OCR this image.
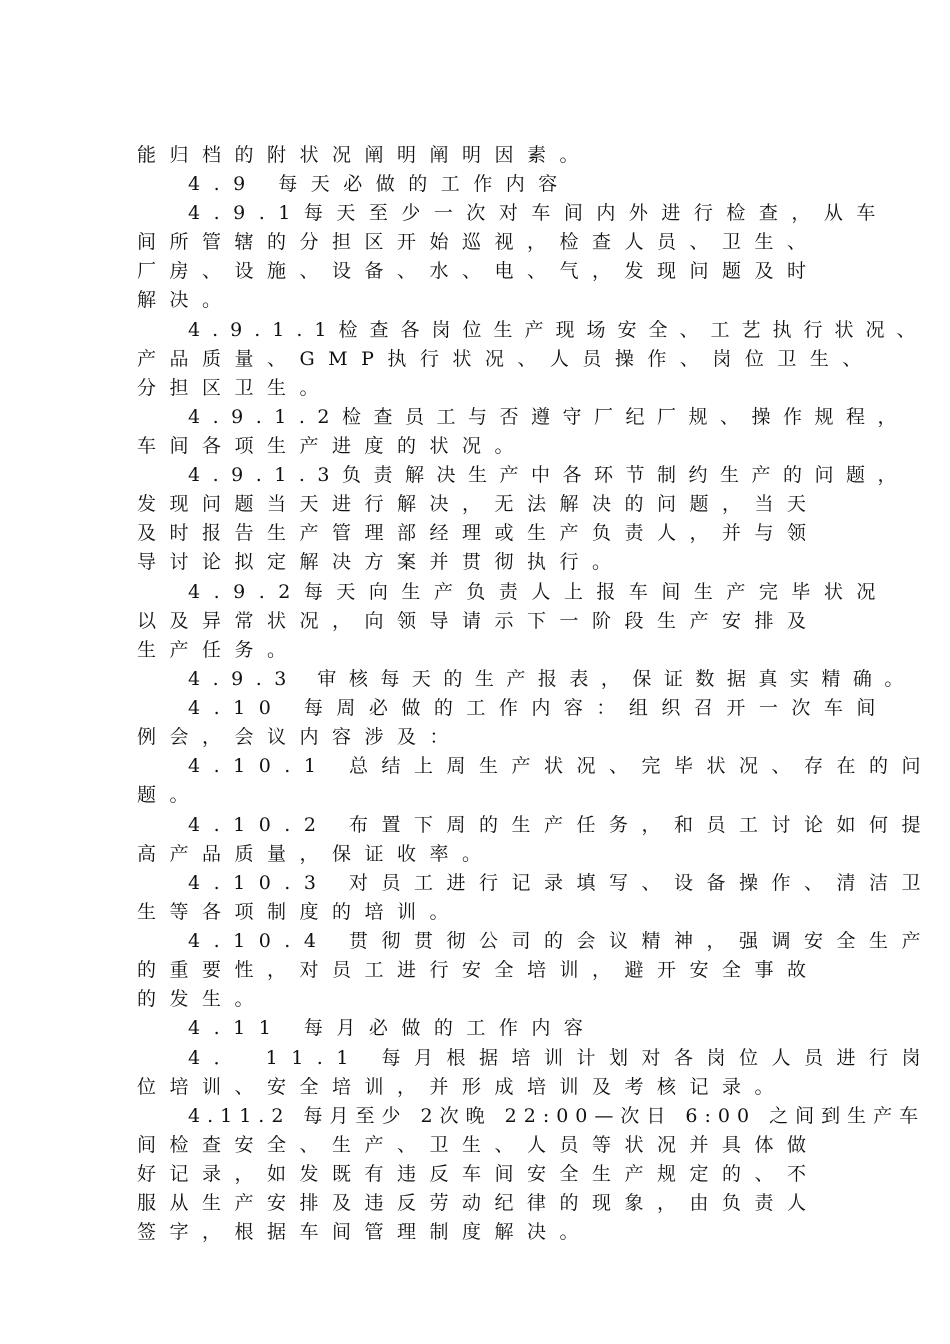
能归档的附状况阐明阐明因素。
4.9 每天必做的工作内容
4.9.1每天至少一次对车间内外进行检查，从车
间所管辖的分担区开始巡视，检查人员、卫生、
厂房、设施、设备、水、电、气，发现问题及时
解决。
4.9.1.1检查各岗位生产现场安全、工艺执行状况、
产品质量、GMP执行状况、人员操作、岗位卫生、
分担区卫生。
4.9.1.2检查员工与否遵守厂纪厂规、操作规程，
车间各项生产进度的状况。
4.9.1.3负责解决生产中各环节制约生产的问题，
发现问题当天进行解决，无法解决的问题，当天
及时报告生产管理部经理或生产负责人，并与领
导讨论拟定解决方案并贯彻执行。
4.9.2每天向生产负责人上报车间生产完毕状况
以及异常状况，向领导请示下一阶段生产安排及
生产任务。
4.9.3 审核每天的生产报表，保证数据真实精确。
4.10 每周必做的工作内容：组织召开一次车间
例会，会议内容涉及：
4.10.1 总结上周生产状况、完毕状况、存在的问
题。
4.10.2 布置下周的生产任务，和员工讨论如何提
高产品质量，保证收率。
4.10.3 对员工进行记录填写、设备操作、清洁卫
生等各项制度的培训。
4.10.4 贯彻贯彻公司的会议精神，强调安全生产
的重要性，对员工进行安全培训，避开安全事故
的发生。
4.11 每月必做的工作内容
4． 11.1 每月根据培训计划对各岗位人员进行岗
位培训、安全培训，并形成培训及考核记录。
4.11.2 每月至少 2次晚 22:00—次日 6:00 之间到生产车
间检查安全、生产、卫生、人员等状况并具体做
好记录，如发既有违反车间安全生产规定的、不
服从生产安排及违反劳动纪律的现象，由负责人
签字，根据车间管理制度解决。
